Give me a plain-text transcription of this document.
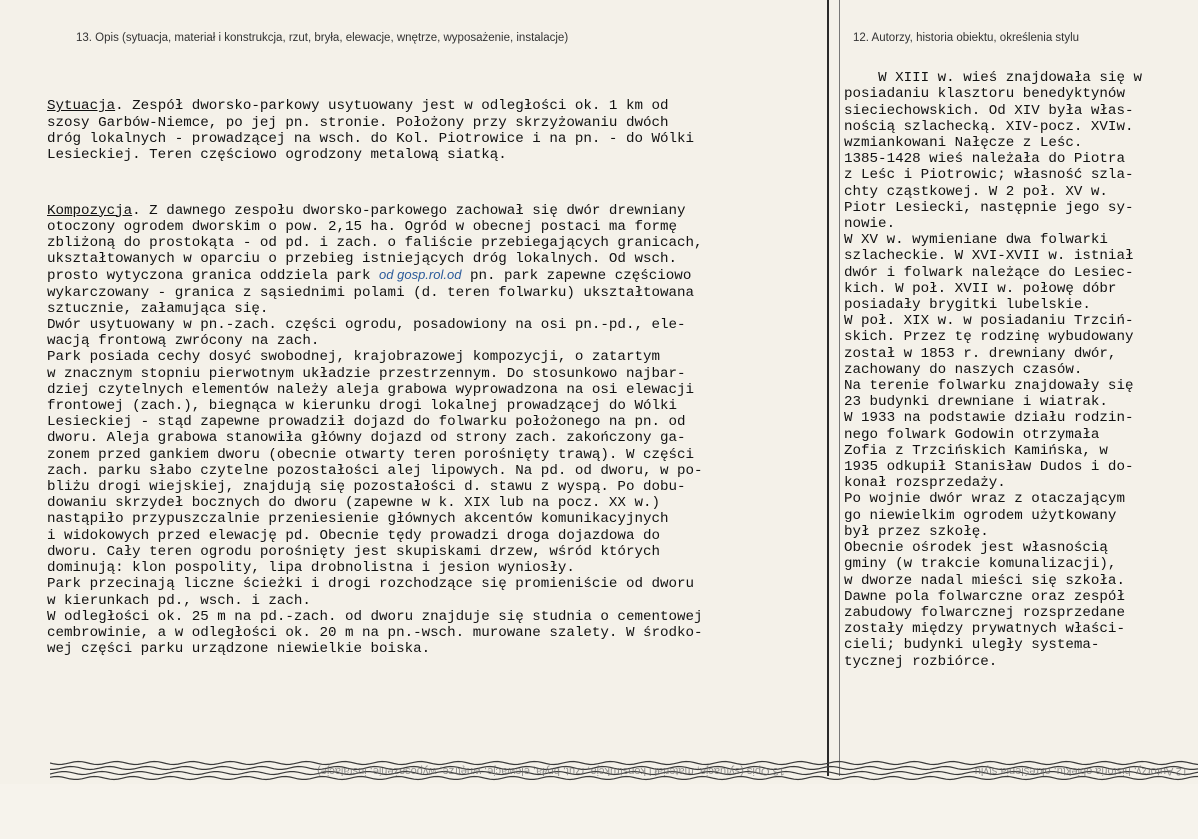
13. Opis (sytuacja, materiał i konstrukcja, rzut, bryła, elewacje, wnętrze, wyposażenie, instalacje)	12. Autorzy, historia obiektu, określenia stylu

Sytuacja. Zespół dworsko-parkowy usytuowany jest w odległości ok. 1 km od
szosy Garbów-Niemce, po jej pn. stronie. Położony przy skrzyżowaniu dwóch
dróg lokalnych - prowadzącej na wsch. do Kol. Piotrowice i na pn. - do Wólki
Lesieckiej. Teren częściowo ogrodzony metalową siatką.

Kompozycja. Z dawnego zespołu dworsko-parkowego zachował się dwór drewniany
otoczony ogrodem dworskim o pow. 2,15 ha. Ogród w obecnej postaci ma formę
zbliżoną do prostokąta - od pd. i zach. o faliście przebiegających granicach,
ukształtowanych w oparciu o przebieg istniejących dróg lokalnych. Od wsch.
prosto wytyczona granica oddziela park od gosp.rol.od pn. park zapewne częściowo
wykarczowany - granica z sąsiednimi polami (d. teren folwarku) ukształtowana
sztucznie, załamująca się.
Dwór usytuowany w pn.-zach. części ogrodu, posadowiony na osi pn.-pd., ele-
wacją frontową zwrócony na zach.
Park posiada cechy dosyć swobodnej, krajobrazowej kompozycji, o zatartym
w znacznym stopniu pierwotnym układzie przestrzennym. Do stosunkowo najbar-
dziej czytelnych elementów należy aleja grabowa wyprowadzona na osi elewacji
frontowej (zach.), biegnąca w kierunku drogi lokalnej prowadzącej do Wólki
Lesieckiej - stąd zapewne prowadził dojazd do folwarku położonego na pn. od
dworu. Aleja grabowa stanowiła główny dojazd od strony zach. zakończony ga-
zonem przed gankiem dworu (obecnie otwarty teren porośnięty trawą). W części
zach. parku słabo czytelne pozostałości alej lipowych. Na pd. od dworu, w po-
bliżu drogi wiejskiej, znajdują się pozostałości d. stawu z wyspą. Po dobu-
dowaniu skrzydeł bocznych do dworu (zapewne w k. XIX lub na pocz. XX w.)
nastąpiło przypuszczalnie przeniesienie głównych akcentów komunikacyjnych
i widokowych przed elewację pd. Obecnie tędy prowadzi droga dojazdowa do
dworu. Cały teren ogrodu porośnięty jest skupiskami drzew, wśród których
dominują: klon pospolity, lipa drobnolistna i jesion wyniosły.
Park przecinają liczne ścieżki i drogi rozchodzące się promieniście od dworu
w kierunkach pd., wsch. i zach.
W odległości ok. 25 m na pd.-zach. od dworu znajduje się studnia o cementowej
cembrowinie, a w odległości ok. 20 m na pn.-wsch. murowane szalety. W środko-
wej części parku urządzone niewielkie boiska.

W XIII w. wieś znajdowała się w
posiadaniu klasztoru benedyktynów
sieciechowskich. Od XIV była włas-
nością szlachecką. XIV-pocz. XVIw.
wzmiankowani Nałęcze z Leśc.
1385-1428 wieś należała do Piotra
z Leśc i Piotrowic; własność szla-
chty cząstkowej. W 2 poł. XV w.
Piotr Lesiecki, następnie jego sy-
nowie.
W XV w. wymieniane dwa folwarki
szlacheckie. W XVI-XVII w. istniał
dwór i folwark należące do Lesiec-
kich. W poł. XVII w. połowę dóbr
posiadały brygitki lubelskie.
W poł. XIX w. w posiadaniu Trzciń-
skich. Przez tę rodzinę wybudowany
został w 1853 r. drewniany dwór,
zachowany do naszych czasów.
Na terenie folwarku znajdowały się
23 budynki drewniane i wiatrak.
W 1933 na podstawie działu rodzin-
nego folwark Godowin otrzymała
Zofia z Trzcińskich Kamińska, w
1935 odkupił Stanisław Dudos i do-
konał rozsprzedaży.
Po wojnie dwór wraz z otaczającym
go niewielkim ogrodem użytkowany
był przez szkołę.
Obecnie ośrodek jest własnością
gminy (w trakcie komunalizacji),
w dworze nadal mieści się szkoła.
Dawne pola folwarczne oraz zespół
zabudowy folwarcznej rozsprzedane
zostały między prywatnych właści-
cieli; budynki uległy systema-
tycznej rozbiórce.

12 Autorzy, historia obiektu, określenia stylu
13 Opis (sytuacja, materiał i konstrukcja, rzut, bryła, elewacje, wnętrze, wyposażenie, instalacje)
